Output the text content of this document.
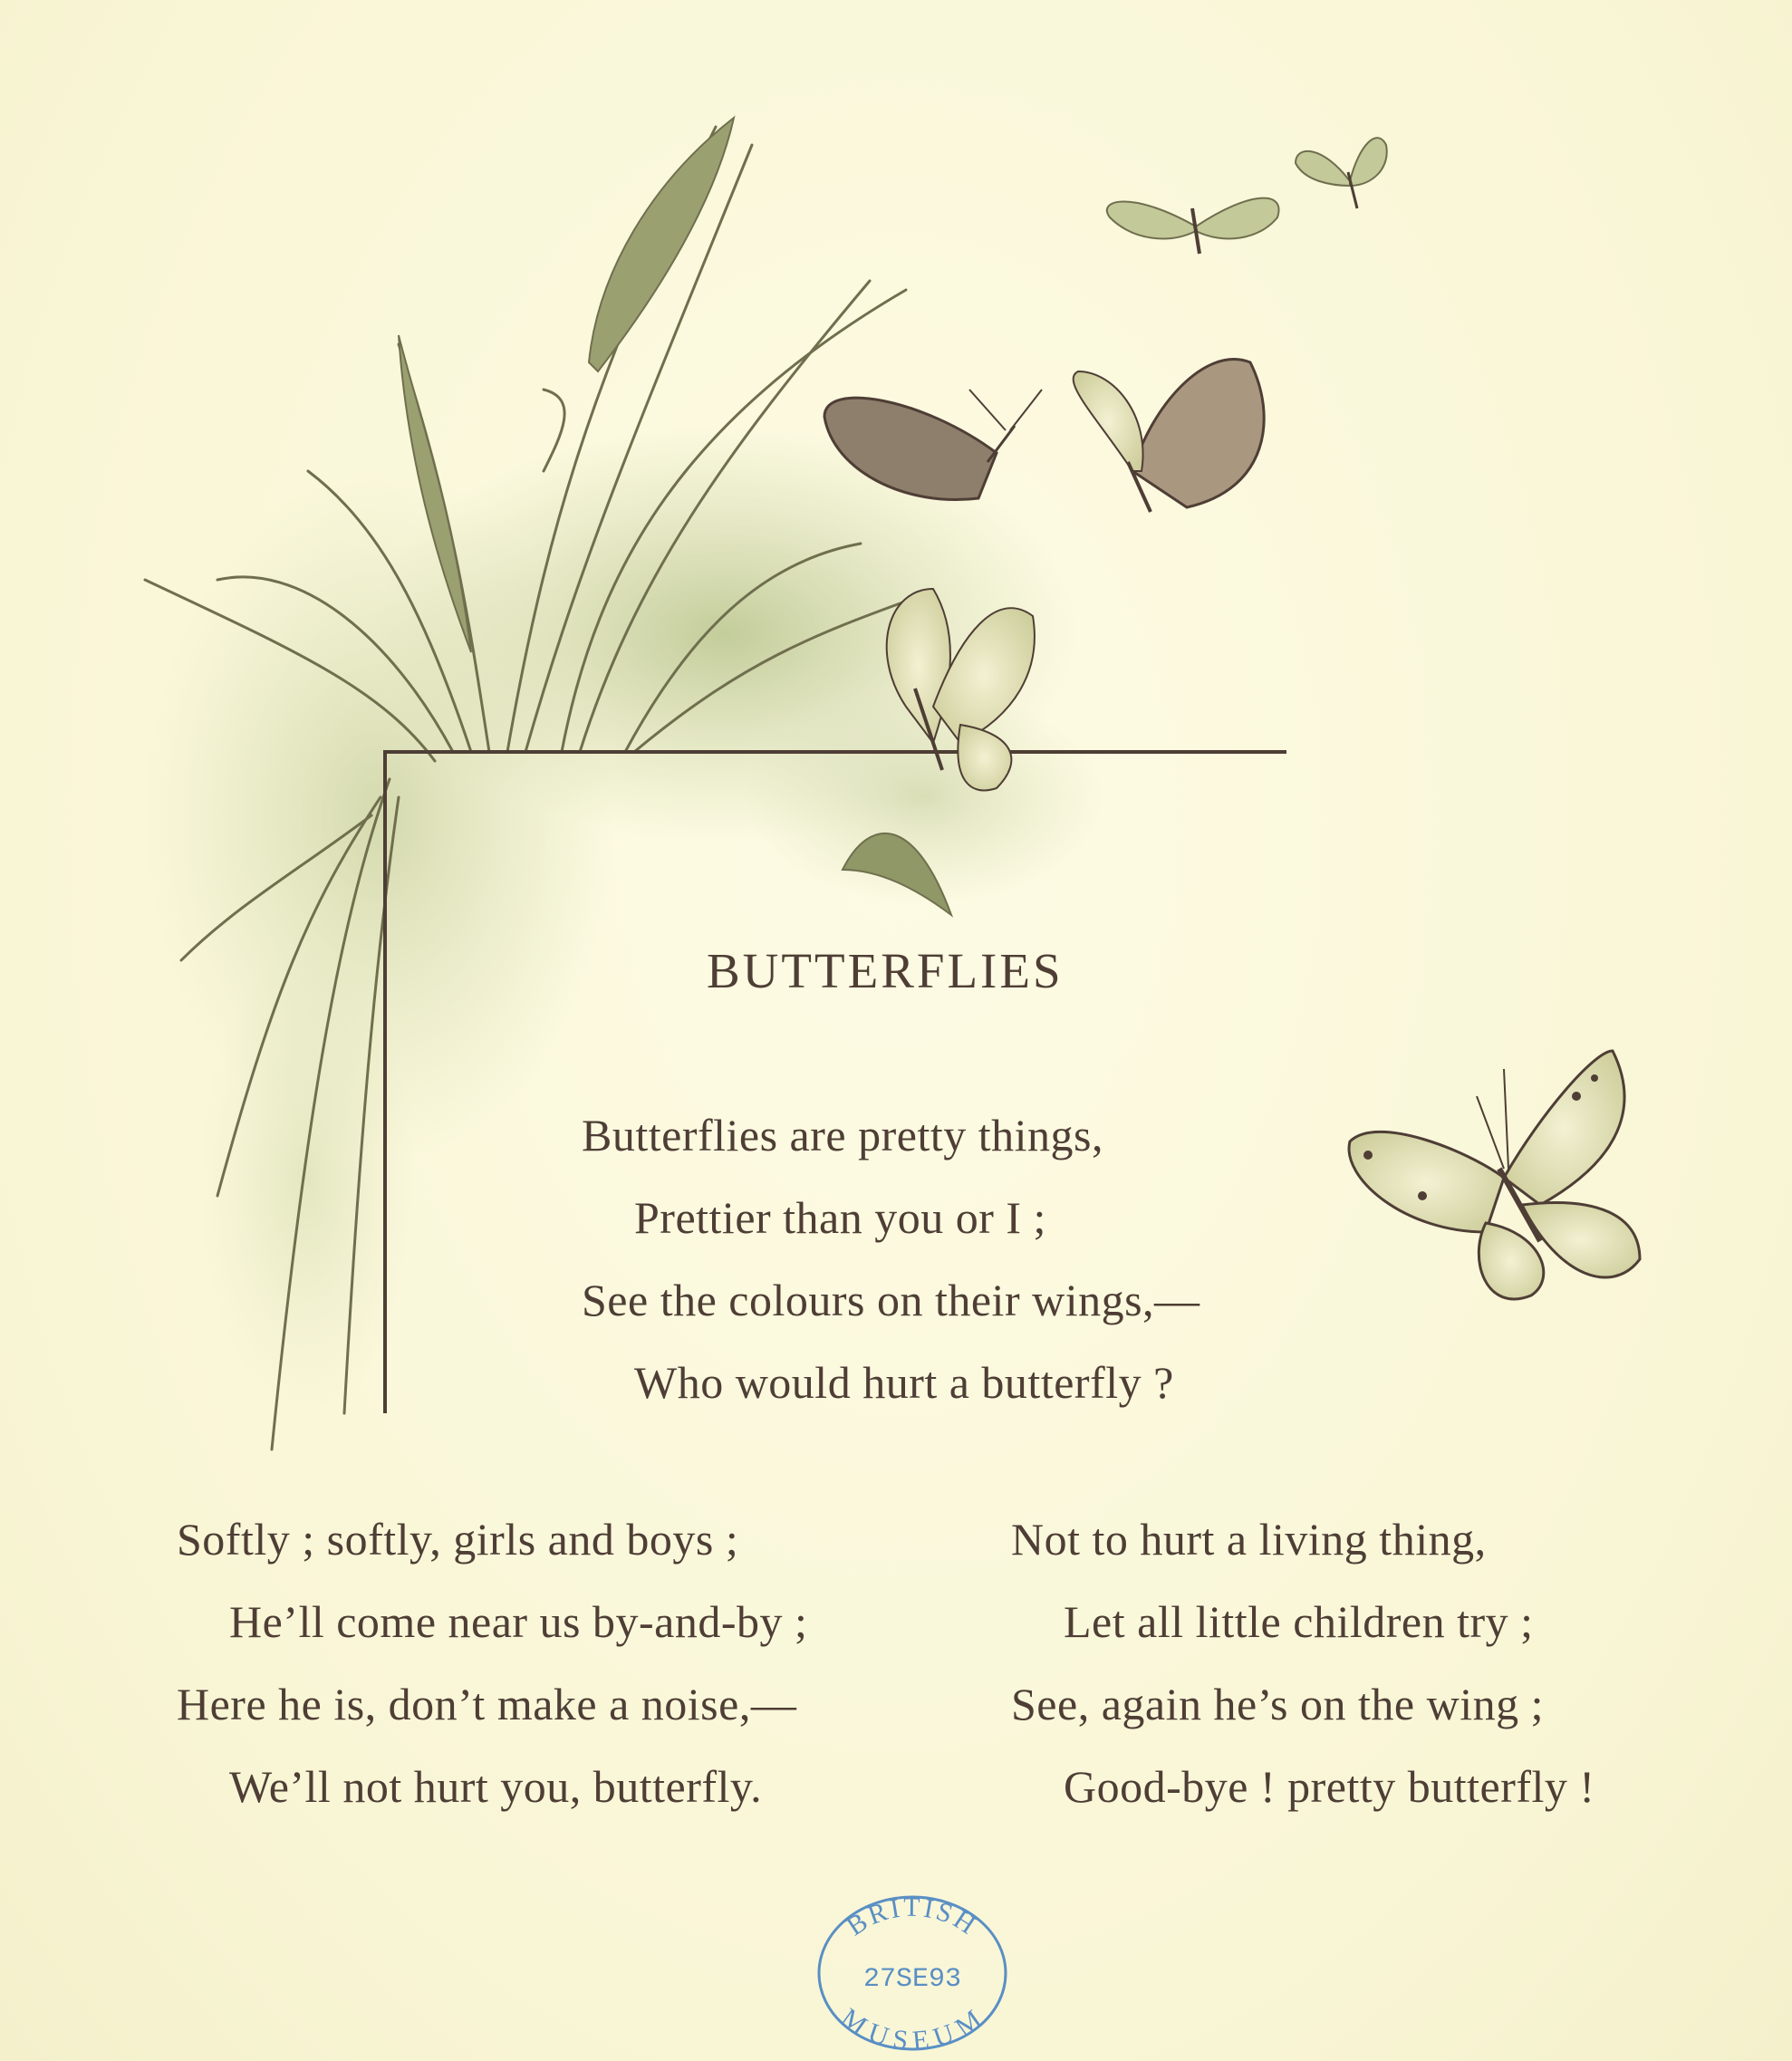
BUTTERFLIES
Butterflies are pretty things,
Prettier than you or I ;
See the colours on their wings,—
Who would hurt a butterfly ?
Softly ; softly, girls and boys ;
He’ll come near us by-and-by ;
Here he is, don’t make a noise,—
We’ll not hurt you, butterfly.
Not to hurt a living thing,
Let all little children try ;
See, again he’s on the wing ;
Good-bye ! pretty butterfly !
BRITISH
27SE93
MUSEUM
